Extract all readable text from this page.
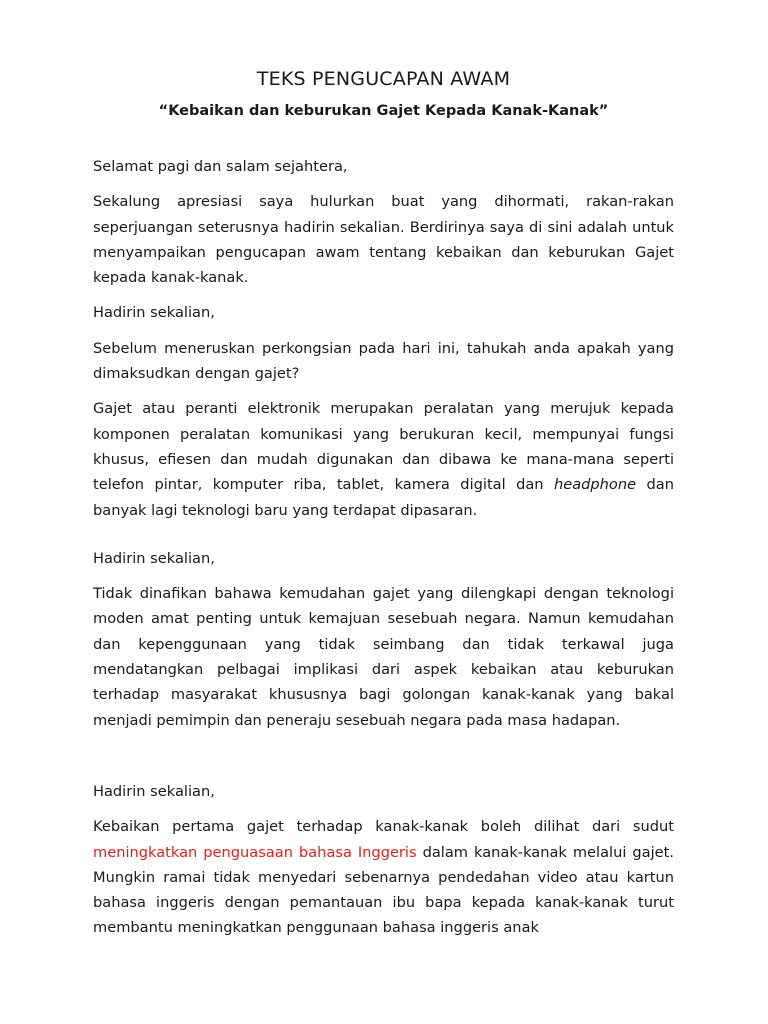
TEKS PENGUCAPAN AWAM
“Kebaikan dan keburukan Gajet Kepada Kanak-Kanak”

Selamat pagi dan salam sejahtera,

Sekalung apresiasi saya hulurkan buat yang dihormati, rakan-rakan seperjuangan seterusnya hadirin sekalian. Berdirinya saya di sini adalah untuk menyampaikan pengucapan awam tentang kebaikan dan keburukan Gajet kepada kanak-kanak.

Hadirin sekalian,

Sebelum meneruskan perkongsian pada hari ini, tahukah anda apakah yang dimaksudkan dengan gajet?

Gajet atau peranti elektronik merupakan peralatan yang merujuk kepada komponen peralatan komunikasi yang berukuran kecil, mempunyai fungsi khusus, efiesen dan mudah digunakan dan dibawa ke mana-mana seperti telefon pintar, komputer riba, tablet, kamera digital dan headphone dan banyak lagi teknologi baru yang terdapat dipasaran.

Hadirin sekalian,

Tidak dinafikan bahawa kemudahan gajet yang dilengkapi dengan teknologi moden amat penting untuk kemajuan sesebuah negara. Namun kemudahan dan kepenggunaan yang tidak seimbang dan tidak terkawal juga mendatangkan pelbagai implikasi dari aspek kebaikan atau keburukan terhadap masyarakat khususnya bagi golongan kanak-kanak yang bakal menjadi pemimpin dan peneraju sesebuah negara pada masa hadapan.

Hadirin sekalian,

Kebaikan pertama gajet terhadap kanak-kanak boleh dilihat dari sudut meningkatkan penguasaan bahasa Inggeris dalam kanak-kanak melalui gajet. Mungkin ramai tidak menyedari sebenarnya pendedahan video atau kartun bahasa inggeris dengan pemantauan ibu bapa kepada kanak-kanak turut membantu meningkatkan penggunaan bahasa inggeris anak
